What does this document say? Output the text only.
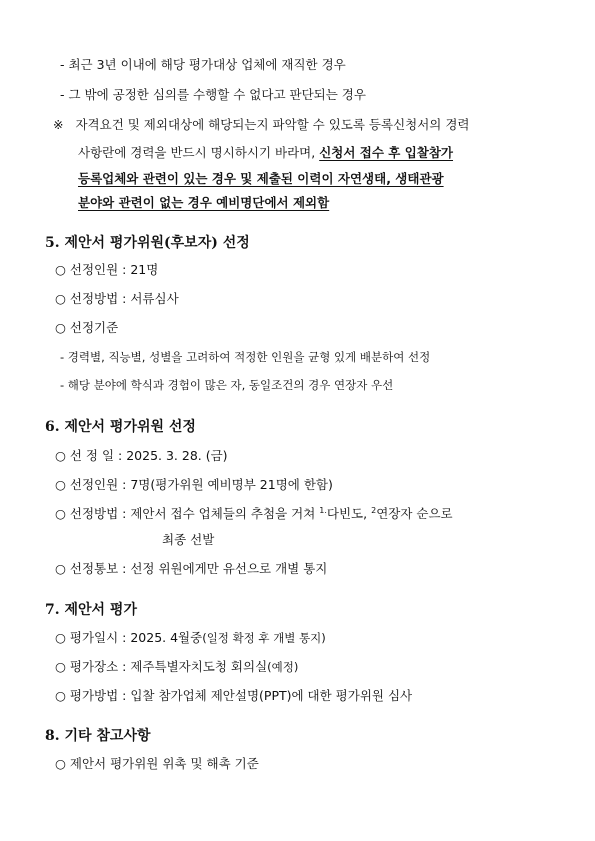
- 최근 3년 이내에 해당 평가대상 업체에 재직한 경우
- 그 밖에 공정한 심의를 수행할 수 없다고 판단되는 경우
※ 자격요건 및 제외대상에 해당되는지 파악할 수 있도록 등록신청서의 경력
사항란에 경력을 반드시 명시하시기 바라며, 신청서 접수 후 입찰참가
등록업체와 관련이 있는 경우 및 제출된 이력이 자연생태, 생태관광
분야와 관련이 없는 경우 예비명단에서 제외함
5. 제안서 평가위원(후보자) 선정
○ 선정인원 : 21명
○ 선정방법 : 서류심사
○ 선정기준
- 경력별, 직능별, 성별을 고려하여 적정한 인원을 균형 있게 배분하여 선정
- 해당 분야에 학식과 경험이 많은 자, 동일조건의 경우 연장자 우선
6. 제안서 평가위원 선정
○ 선 정 일 : 2025. 3. 28. (금)
○ 선정인원 : 7명(평가위원 예비명부 21명에 한함)
○ 선정방법 : 제안서 접수 업체들의 추첨을 거쳐 $^{1.}$다빈도, $^2$연장자 순으로
최종 선발
○ 선정통보 : 선정 위원에게만 유선으로 개별 통지
7. 제안서 평가
○ 평가일시 : 2025. 4월중(일정 확정 후 개별 통지)
○ 평가장소 : 제주특별자치도청 회의실(예정)
○ 평가방법 : 입찰 참가업체 제안설명(PPT)에 대한 평가위원 심사
8. 기타 참고사항
○ 제안서 평가위원 위촉 및 해촉 기준
